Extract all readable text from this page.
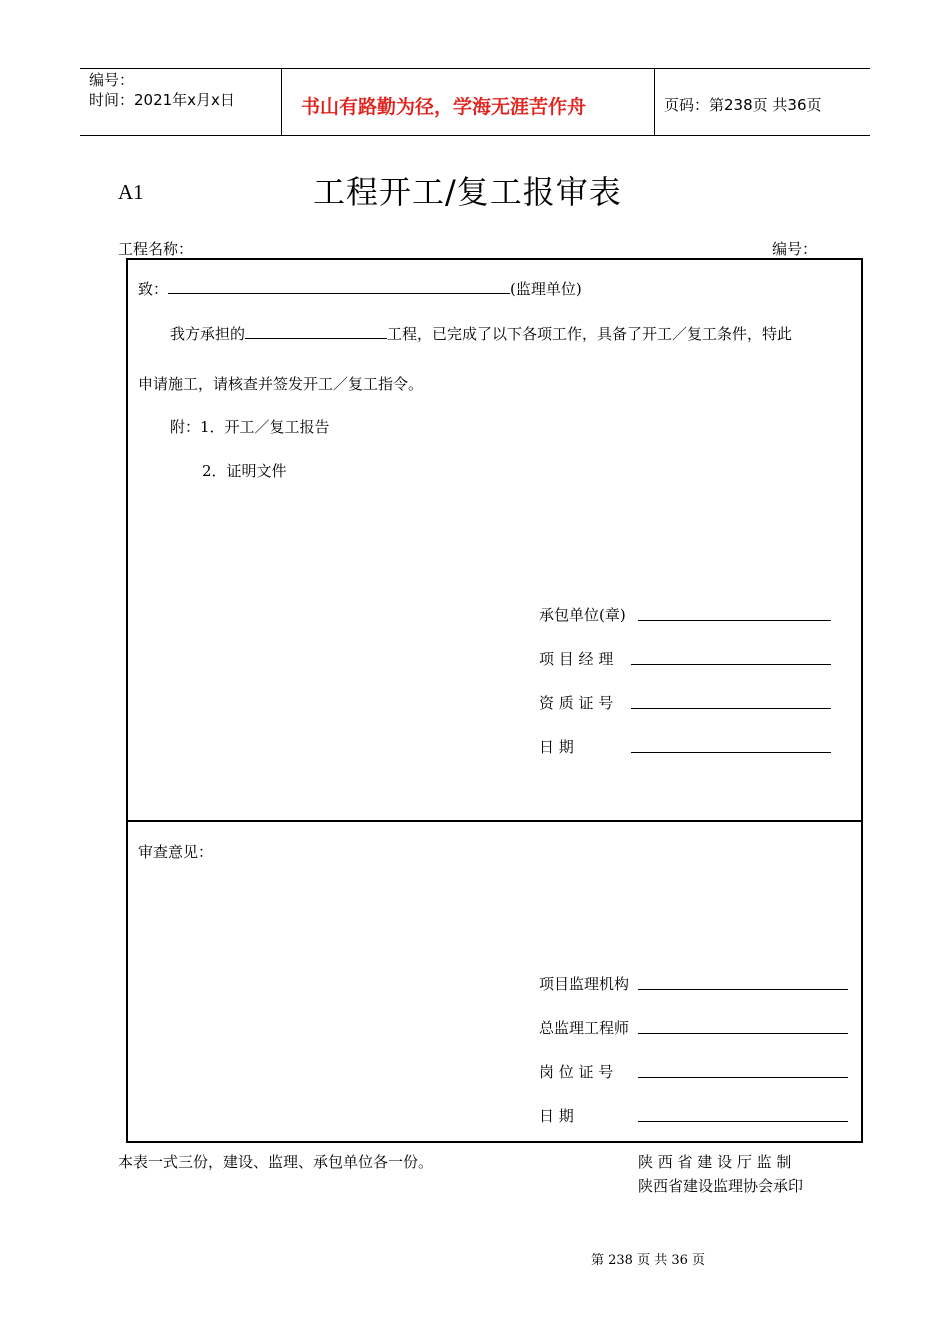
编号：
时间：2021年x月x日	书山有路勤为径，学海无涯苦作舟	页码：第238页 共36页
A1	工程开工/复工报审表
工程名称：	编号：
致：	(监理单位)
我方承担的	工程，已完成了以下各项工作，具备了开工／复工条件，特此
申请施工，请核查并签发开工／复工指令。
附：1．开工／复工报告
2．证明文件
承包单位(章)
项 目 经 理
资 质 证 号
日 期
审查意见：
项目监理机构
总监理工程师
岗 位 证 号
日 期
本表一式三份，建设、监理、承包单位各一份。	陕 西 省 建 设 厅 监 制
陕西省建设监理协会承印
第 238 页 共 36 页
